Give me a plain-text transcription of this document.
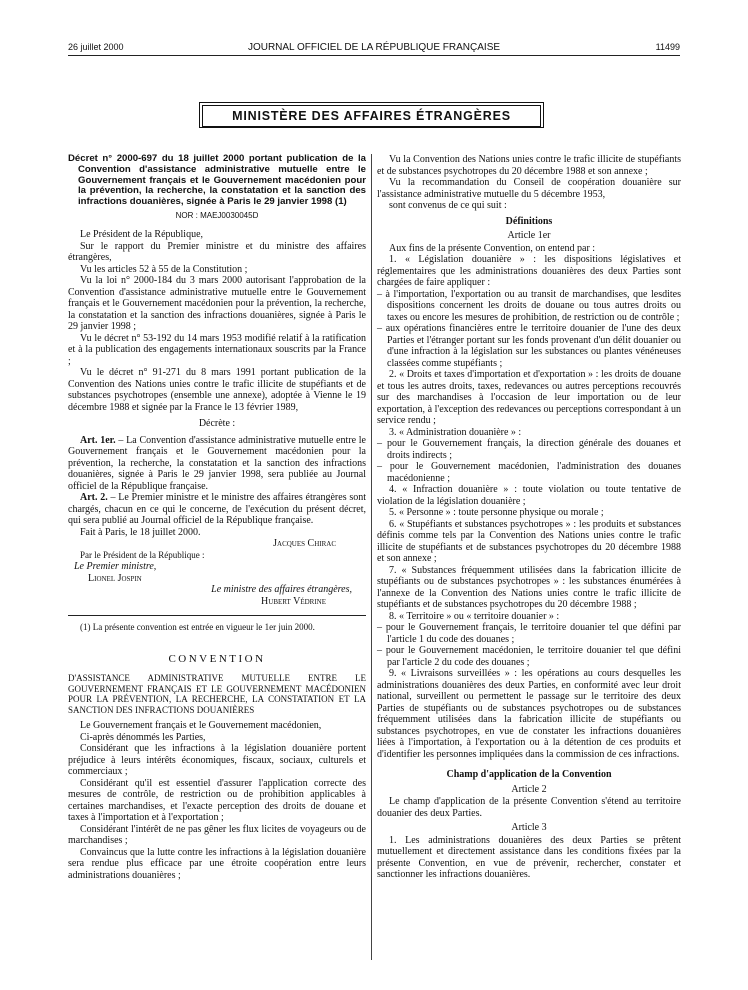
26 juillet 2000	JOURNAL OFFICIEL DE LA RÉPUBLIQUE FRANÇAISE	11499
MINISTÈRE DES AFFAIRES ÉTRANGÈRES

Décret n° 2000-697 du 18 juillet 2000 portant publication de la Convention d'assistance administrative mutuelle entre le Gouvernement français et le Gouvernement macédonien pour la prévention, la recherche, la constatation et la sanction des infractions douanières, signée à Paris le 29 janvier 1998 (1)

NOR : MAEJ0030045D

Le Président de la République,

Sur le rapport du Premier ministre et du ministre des affaires étrangères,

Vu les articles 52 à 55 de la Constitution ;

Vu la loi n° 2000-184 du 3 mars 2000 autorisant l'approbation de la Convention d'assistance administrative mutuelle entre le Gouvernement français et le Gouvernement macédonien pour la prévention, la recherche, la constatation et la sanction des infractions douanières, signée à Paris le 29 janvier 1998 ;

Vu le décret n° 53-192 du 14 mars 1953 modifié relatif à la ratification et à la publication des engagements internationaux souscrits par la France ;

Vu le décret n° 91-271 du 8 mars 1991 portant publication de la Convention des Nations unies contre le trafic illicite de stupéfiants et de substances psychotropes (ensemble une annexe), adoptée à Vienne le 19 décembre 1988 et signée par la France le 13 février 1989,

Décrète :

Art. 1er. – La Convention d'assistance administrative mutuelle entre le Gouvernement français et le Gouvernement macédonien pour la prévention, la recherche, la constatation et la sanction des infractions douanières, signée à Paris le 29 janvier 1998, sera publiée au Journal officiel de la République française.

Art. 2. – Le Premier ministre et le ministre des affaires étrangères sont chargés, chacun en ce qui le concerne, de l'exécution du présent décret, qui sera publié au Journal officiel de la République française.

Fait à Paris, le 18 juillet 2000.

Jacques Chirac

Par le Président de la République :

Le Premier ministre,

Lionel Jospin

Le ministre des affaires étrangères,

Hubert Védrine

(1) La présente convention est entrée en vigueur le 1er juin 2000.

CONVENTION

D'ASSISTANCE ADMINISTRATIVE MUTUELLE ENTRE LE GOUVERNEMENT FRANÇAIS ET LE GOUVERNEMENT MACÉDONIEN POUR LA PRÉVENTION, LA RECHERCHE, LA CONSTATATION ET LA SANCTION DES INFRACTIONS DOUANIÈRES

Le Gouvernement français et le Gouvernement macédonien,

Ci-après dénommés les Parties,

Considérant que les infractions à la législation douanière portent préjudice à leurs intérêts économiques, fiscaux, sociaux, culturels et commerciaux ;

Considérant qu'il est essentiel d'assurer l'application correcte des mesures de contrôle, de restriction ou de prohibition applicables à certaines marchandises, et l'exacte perception des droits de douane et taxes à l'importation et à l'exportation ;

Considérant l'intérêt de ne pas gêner les flux licites de voyageurs ou de marchandises ;

Convaincus que la lutte contre les infractions à la législation douanière sera rendue plus efficace par une étroite coopération entre leurs administrations douanières ;

Vu la Convention des Nations unies contre le trafic illicite de stupéfiants et de substances psychotropes du 20 décembre 1988 et son annexe ;

Vu la recommandation du Conseil de coopération douanière sur l'assistance administrative mutuelle du 5 décembre 1953,

sont convenus de ce qui suit :

Définitions

Article 1er

Aux fins de la présente Convention, on entend par :

1. « Législation douanière » : les dispositions législatives et réglementaires que les administrations douanières des deux Parties sont chargées de faire appliquer :

– à l'importation, l'exportation ou au transit de marchandises, que lesdites dispositions concernent les droits de douane ou tous autres droits ou taxes ou encore les mesures de prohibition, de restriction ou de contrôle ;

– aux opérations financières entre le territoire douanier de l'une des deux Parties et l'étranger portant sur les fonds provenant d'un délit douanier ou d'une infraction à la législation sur les substances ou plantes vénéneuses classées comme stupéfiants ;

2. « Droits et taxes d'importation et d'exportation » : les droits de douane et tous les autres droits, taxes, redevances ou autres perceptions recouvrés sur des marchandises à l'occasion de leur importation ou de leur exportation, à l'exception des redevances ou perceptions correspondant à un service rendu ;

3. « Administration douanière » :

– pour le Gouvernement français, la direction générale des douanes et droits indirects ;

– pour le Gouvernement macédonien, l'administration des douanes macédonienne ;

4. « Infraction douanière » : toute violation ou toute tentative de violation de la législation douanière ;

5. « Personne » : toute personne physique ou morale ;

6. « Stupéfiants et substances psychotropes » : les produits et substances définis comme tels par la Convention des Nations unies contre le trafic illicite de stupéfiants et de substances psychotropes du 20 décembre 1988 et son annexe ;

7. « Substances fréquemment utilisées dans la fabrication illicite de stupéfiants ou de substances psychotropes » : les substances énumérées à l'annexe de la Convention des Nations unies contre le trafic illicite de stupéfiants et de substances psychotropes du 20 décembre 1988 ;

8. « Territoire » ou « territoire douanier » :

– pour le Gouvernement français, le territoire douanier tel que défini par l'article 1 du code des douanes ;

– pour le Gouvernement macédonien, le territoire douanier tel que défini par l'article 2 du code des douanes ;

9. « Livraisons surveillées » : les opérations au cours desquelles les administrations douanières des deux Parties, en conformité avec leur droit national, surveillent ou permettent le passage sur le territoire des deux Parties de stupéfiants ou de substances psychotropes ou de substances fréquemment utilisées dans la fabrication illicite de stupéfiants ou substances psychotropes, en vue de constater les infractions douanières liées à l'importation, à l'exportation ou à la détention de ces produits et d'identifier les personnes impliquées dans la commission de ces infractions.

Champ d'application de la Convention

Article 2

Le champ d'application de la présente Convention s'étend au territoire douanier des deux Parties.

Article 3

1. Les administrations douanières des deux Parties se prêtent mutuellement et directement assistance dans les conditions fixées par la présente Convention, en vue de prévenir, rechercher, constater et sanctionner les infractions douanières.
